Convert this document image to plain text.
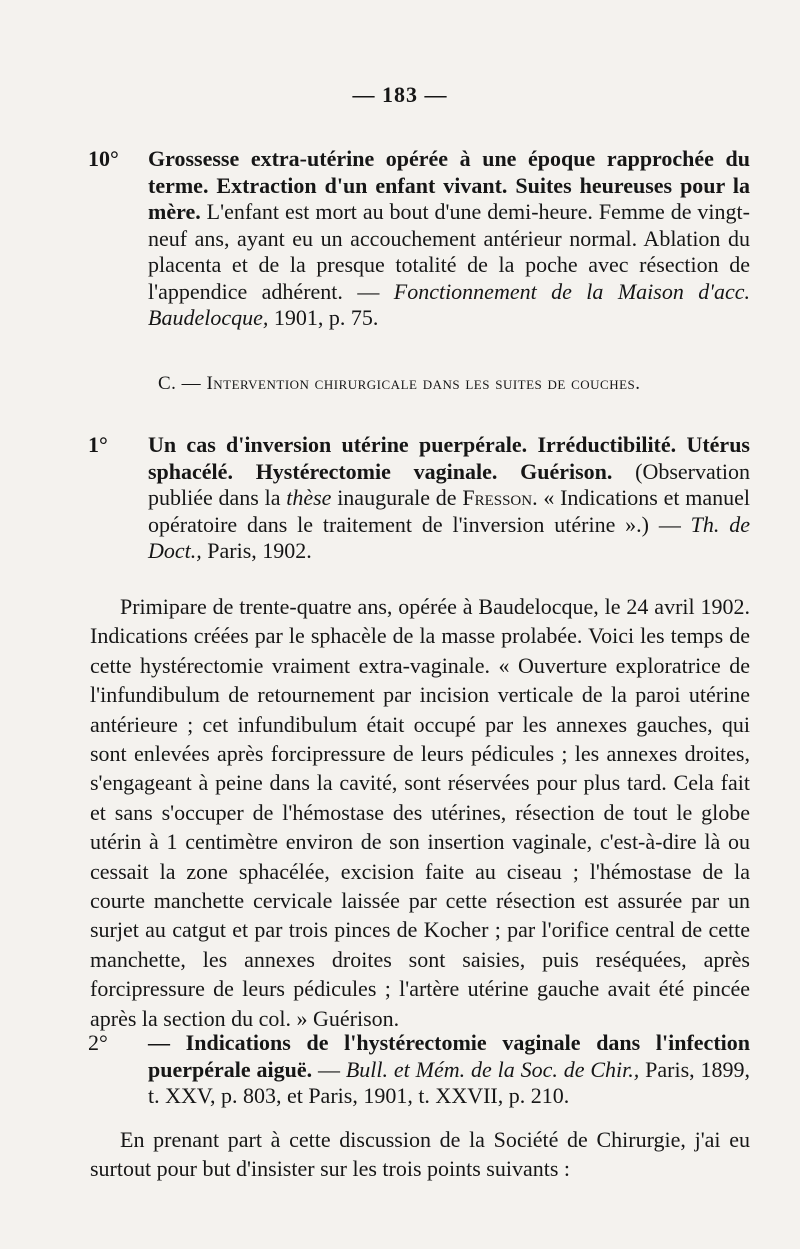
— 183 —
10° Grossesse extra-utérine opérée à une époque rapprochée du terme. Extraction d'un enfant vivant. Suites heureuses pour la mère. L'enfant est mort au bout d'une demi-heure. Femme de vingt-neuf ans, ayant eu un accouchement antérieur normal. Ablation du placenta et de la presque totalité de la poche avec résection de l'appendice adhérent. — Fonctionnement de la Maison d'acc. Baudelocque, 1901, p. 75.
C. — Intervention chirurgicale dans les suites de couches.
1° Un cas d'inversion utérine puerpérale. Irréductibilité. Utérus sphacélé. Hystérectomie vaginale. Guérison. (Observation publiée dans la thèse inaugurale de Fresson. « Indications et manuel opératoire dans le traitement de l'inversion utérine ».) — Th. de Doct., Paris, 1902.
Primipare de trente-quatre ans, opérée à Baudelocque, le 24 avril 1902. Indications créées par le sphacèle de la masse prolabée. Voici les temps de cette hystérectomie vraiment extra-vaginale. « Ouverture exploratrice de l'infundibulum de retournement par incision verticale de la paroi utérine antérieure ; cet infundibulum était occupé par les annexes gauches, qui sont enlevées après forcipressure de leurs pédicules ; les annexes droites, s'engageant à peine dans la cavité, sont réservées pour plus tard. Cela fait et sans s'occuper de l'hémostase des utérines, résection de tout le globe utérin à 1 centimètre environ de son insertion vaginale, c'est-à-dire là ou cessait la zone sphacélée, excision faite au ciseau ; l'hémostase de la courte manchette cervicale laissée par cette résection est assurée par un surjet au catgut et par trois pinces de Kocher ; par l'orifice central de cette manchette, les annexes droites sont saisies, puis reséquées, après forcipressure de leurs pédicules ; l'artère utérine gauche avait été pincée après la section du col. » Guérison.
2° — Indications de l'hystérectomie vaginale dans l'infection puerpérale aiguë. — Bull. et Mém. de la Soc. de Chir., Paris, 1899, t. XXV, p. 803, et Paris, 1901, t. XXVII, p. 210.
En prenant part à cette discussion de la Société de Chirurgie, j'ai eu surtout pour but d'insister sur les trois points suivants :
